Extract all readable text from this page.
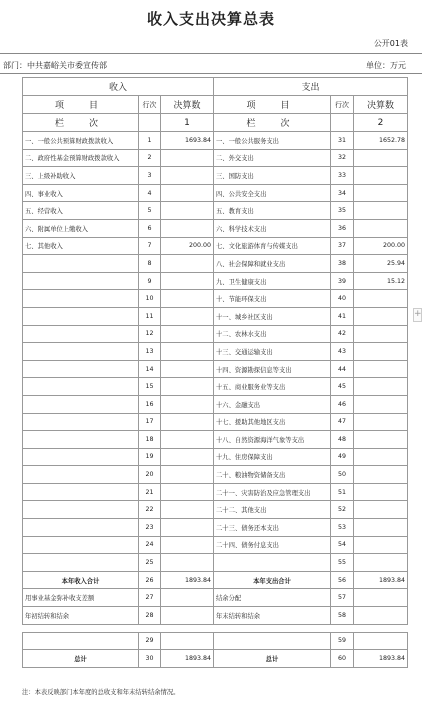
收入支出决算总表
公开01表
部门：中共嘉峪关市委宣传部	单位：万元
+
收入			支出		
项　目	行次	决算数	项　目	行次	决算数
栏　次		1	栏　次		2
一、一般公共预算财政拨款收入	1	1693.84	一、一般公共服务支出	31	1652.78
二、政府性基金预算财政拨款收入	2		二、外交支出	32	
三、上级补助收入	3		三、国防支出	33	
四、事业收入	4		四、公共安全支出	34	
五、经营收入	5		五、教育支出	35	
六、附属单位上缴收入	6		六、科学技术支出	36	
七、其他收入	7	200.00	七、文化旅游体育与传媒支出	37	200.00
	8		八、社会保障和就业支出	38	25.94
	9		九、卫生健康支出	39	15.12
	10		十、节能环保支出	40	
	11		十一、城乡社区支出	41	
	12		十二、农林水支出	42	
	13		十三、交通运输支出	43	
	14		十四、资源勘探信息等支出	44	
	15		十五、商业服务业等支出	45	
	16		十六、金融支出	46	
	17		十七、援助其他地区支出	47	
	18		十八、自然资源海洋气象等支出	48	
	19		十九、住房保障支出	49	
	20		二十、粮油物资储备支出	50	
	21		二十一、灾害防治及应急管理支出	51	
	22		二十二、其他支出	52	
	23		二十三、债务还本支出	53	
	24		二十四、债务付息支出	54	
	25			55	
本年收入合计	26	1893.84	本年支出合计	56	1893.84
用事业基金弥补收支差额	27		结余分配	57	
年初结转和结余	28		年末结转和结余	58	

	29			59	
总计	30	1893.84	总计	60	1893.84
注：本表反映部门本年度的总收支和年末结转结余情况。
